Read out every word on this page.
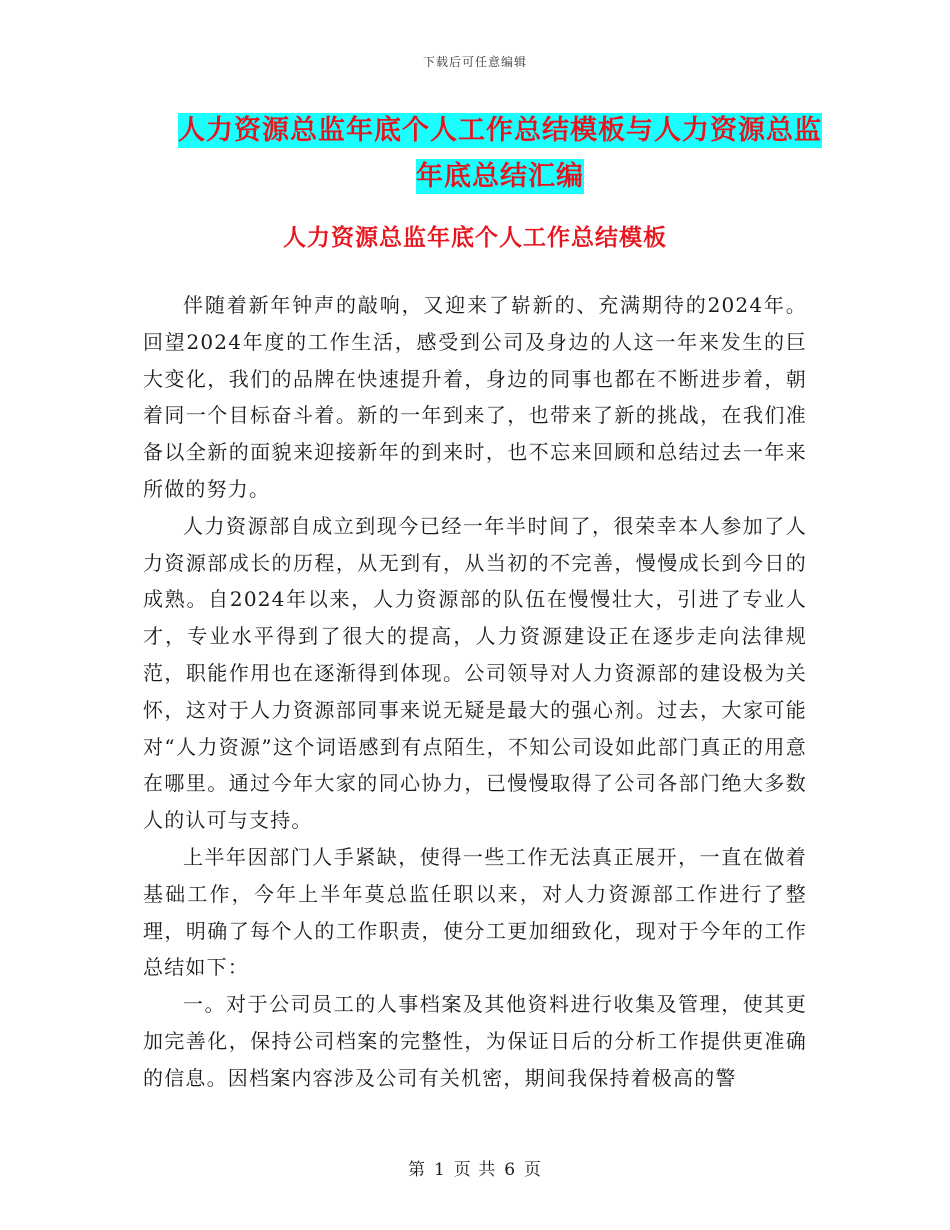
下载后可任意编辑
人力资源总监年底个人工作总结模板与人力资源总监
年底总结汇编
人力资源总监年底个人工作总结模板

伴随着新年钟声的敲响，又迎来了崭新的、充满期待的2024年。回望2024年度的工作生活，感受到公司及身边的人这一年来发生的巨大变化，我们的品牌在快速提升着，身边的同事也都在不断进步着，朝着同一个目标奋斗着。新的一年到来了，也带来了新的挑战，在我们准备以全新的面貌来迎接新年的到来时，也不忘来回顾和总结过去一年来所做的努力。

人力资源部自成立到现今已经一年半时间了，很荣幸本人参加了人力资源部成长的历程，从无到有，从当初的不完善，慢慢成长到今日的成熟。自2024年以来，人力资源部的队伍在慢慢壮大，引进了专业人才，专业水平得到了很大的提高，人力资源建设正在逐步走向法律规范，职能作用也在逐渐得到体现。公司领导对人力资源部的建设极为关怀，这对于人力资源部同事来说无疑是最大的强心剂。过去，大家可能对“人力资源”这个词语感到有点陌生，不知公司设如此部门真正的用意在哪里。通过今年大家的同心协力，已慢慢取得了公司各部门绝大多数人的认可与支持。

上半年因部门人手紧缺，使得一些工作无法真正展开，一直在做着基础工作，今年上半年莫总监任职以来，对人力资源部工作进行了整理，明确了每个人的工作职责，使分工更加细致化，现对于今年的工作总结如下：

一。对于公司员工的人事档案及其他资料进行收集及管理，使其更加完善化，保持公司档案的完整性，为保证日后的分析工作提供更准确的信息。因档案内容涉及公司有关机密，期间我保持着极高的警

第 1 页 共 6 页
